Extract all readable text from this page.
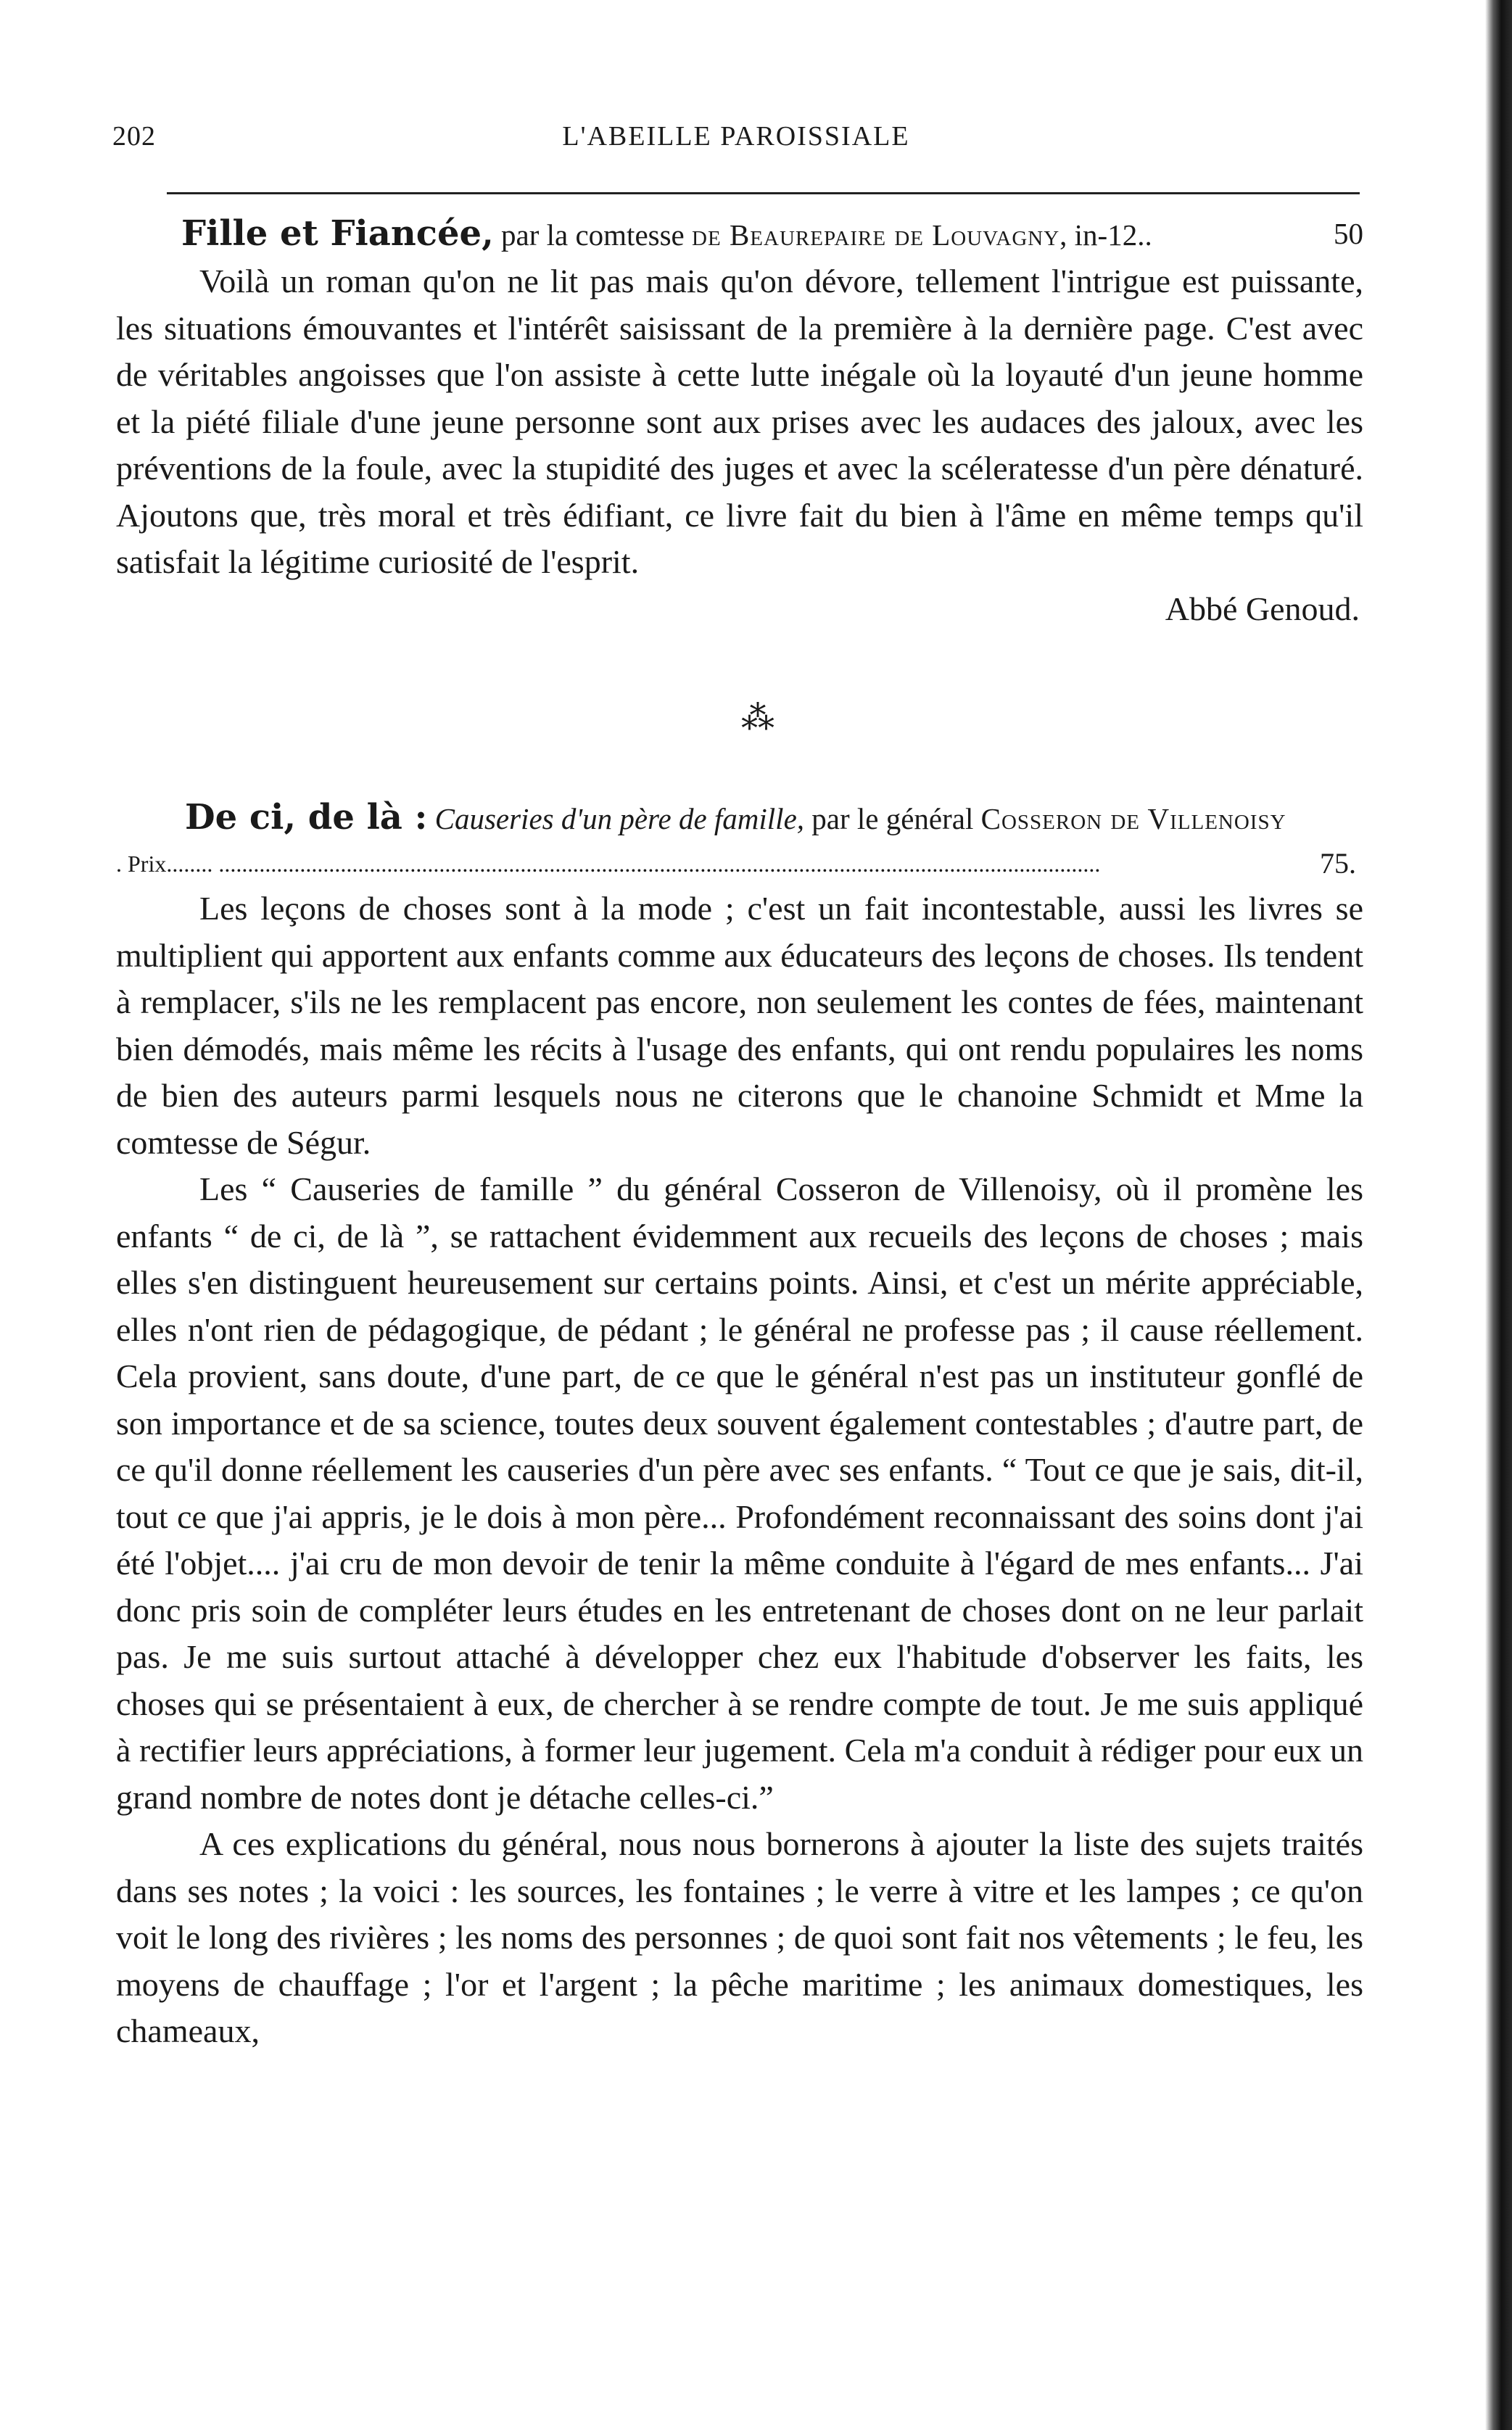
202	L'ABEILLE PAROISSIALE

Fille et Fiancée, par la comtesse de Beaurepaire de Louvagny, in-12..	50

Voilà un roman qu'on ne lit pas mais qu'on dévore, tellement l'intrigue est puissante, les situations émouvantes et l'intérêt saisissant de la première à la dernière page. C'est avec de véritables angoisses que l'on assiste à cette lutte inégale où la loyauté d'un jeune homme et la piété filiale d'une jeune personne sont aux prises avec les audaces des jaloux, avec les préventions de la foule, avec la stupidité des juges et avec la scéleratesse d'un père dénaturé. Ajoutons que, très moral et très édifiant, ce livre fait du bien à l'âme en même temps qu'il satisfait la légitime curiosité de l'esprit.

Abbé Genoud.

⁂

De ci, de là : Causeries d'un père de famille, par le général Cosseron de Villenoisy

. Prix........ ........................................................................................................................................................	75.

Les leçons de choses sont à la mode ; c'est un fait incontestable, aussi les livres se multiplient qui apportent aux enfants comme aux éducateurs des leçons de choses. Ils tendent à remplacer, s'ils ne les remplacent pas encore, non seulement les contes de fées, maintenant bien démodés, mais même les récits à l'usage des enfants, qui ont rendu populaires les noms de bien des auteurs parmi lesquels nous ne citerons que le chanoine Schmidt et Mme la comtesse de Ségur.

Les “ Causeries de famille ” du général Cosseron de Villenoisy, où il promène les enfants “ de ci, de là ”, se rattachent évidemment aux recueils des leçons de choses ; mais elles s'en distinguent heureusement sur certains points. Ainsi, et c'est un mérite appréciable, elles n'ont rien de pédagogique, de pédant ; le général ne professe pas ; il cause réellement. Cela provient, sans doute, d'une part, de ce que le général n'est pas un instituteur gonflé de son importance et de sa science, toutes deux souvent également contestables ; d'autre part, de ce qu'il donne réellement les causeries d'un père avec ses enfants. “ Tout ce que je sais, dit-il, tout ce que j'ai appris, je le dois à mon père... Profondément reconnaissant des soins dont j'ai été l'objet.... j'ai cru de mon devoir de tenir la même conduite à l'égard de mes enfants... J'ai donc pris soin de compléter leurs études en les entretenant de choses dont on ne leur parlait pas. Je me suis surtout attaché à développer chez eux l'habitude d'observer les faits, les choses qui se présentaient à eux, de chercher à se rendre compte de tout. Je me suis appliqué à rectifier leurs appréciations, à former leur jugement. Cela m'a conduit à rédiger pour eux un grand nombre de notes dont je détache celles-ci.”

A ces explications du général, nous nous bornerons à ajouter la liste des sujets traités dans ses notes ; la voici : les sources, les fontaines ; le verre à vitre et les lampes ; ce qu'on voit le long des rivières ; les noms des personnes ; de quoi sont fait nos vêtements ; le feu, les moyens de chauffage ; l'or et l'argent ; la pêche maritime ; les animaux domestiques, les chameaux,
